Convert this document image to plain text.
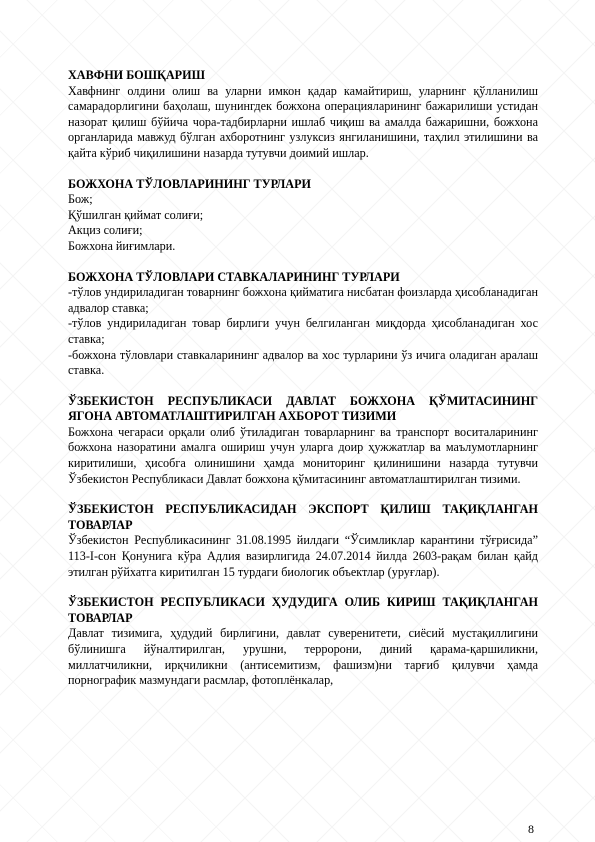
ХАВФНИ БОШҚАРИШ

Хавфнинг олдини олиш ва уларни имкон қадар камайтириш, уларнинг қўлланилиш самарадорлигини баҳолаш, шунингдек божхона операцияларининг бажарилиши устидан назорат қилиш бўйича чора-тадбирларни ишлаб чиқиш ва амалда бажаришни, божхона органларида мавжуд бўлган ахборотнинг узлуксиз янгиланишини, таҳлил этилишини ва қайта кўриб чиқилишини назарда тутувчи доимий ишлар.

БОЖХОНА ТЎЛОВЛАРИНИНГ ТУРЛАРИ

Бож;
Қўшилган қиймат солиғи;
Акциз солиғи;
Божхона йиғимлари.

БОЖХОНА ТЎЛОВЛАРИ СТАВКАЛАРИНИНГ ТУРЛАРИ

-тўлов ундириладиган товарнинг божхона қийматига нисбатан фоизларда ҳисобланадиган адвалор ставка;

-тўлов ундириладиган товар бирлиги учун белгиланган миқдорда ҳисобланадиган хос ставка;

-божхона тўловлари ставкаларининг адвалор ва хос турларини ўз ичига оладиган аралаш ставка.

ЎЗБЕКИСТОН РЕСПУБЛИКАСИ ДАВЛАТ БОЖХОНА ҚЎМИТАСИНИНГ ЯГОНА АВТОМАТЛАШТИРИЛГАН АХБОРОТ ТИЗИМИ

Божхона чегараси орқали олиб ўтиладиган товарларнинг ва транспорт воситаларининг божхона назоратини амалга ошириш учун уларга доир ҳужжатлар ва маълумотларнинг киритилиши, ҳисобга олинишини ҳамда мониторинг қилинишини назарда тутувчи Ўзбекистон Республикаси Давлат божхона қўмитасининг автоматлаштирилган тизими.

ЎЗБЕКИСТОН РЕСПУБЛИКАСИДАН ЭКСПОРТ ҚИЛИШ ТАҚИҚЛАНГАН ТОВАРЛАР

Ўзбекистон Республикасининг 31.08.1995 йилдаги “Ўсимликлар карантини тўғрисида” 113-I-сон Қонунига кўра Адлия вазирлигида 24.07.2014 йилда 2603-рақам билан қайд этилган рўйхатга киритилган 15 турдаги биологик объектлар (уруғлар).

ЎЗБЕКИСТОН РЕСПУБЛИКАСИ ҲУДУДИГА ОЛИБ КИРИШ ТАҚИҚЛАНГАН ТОВАРЛАР

Давлат тизимига, ҳудудий бирлигини, давлат суверенитети, сиёсий мустақиллигини бўлинишга йўналтирилган, урушни, терророни, диний қарама-қаршиликни, миллатчиликни, ирқчиликни (антисемитизм, фашизм)ни тарғиб қилувчи ҳамда порнографик мазмундаги расмлар, фотоплёнкалар,

8
